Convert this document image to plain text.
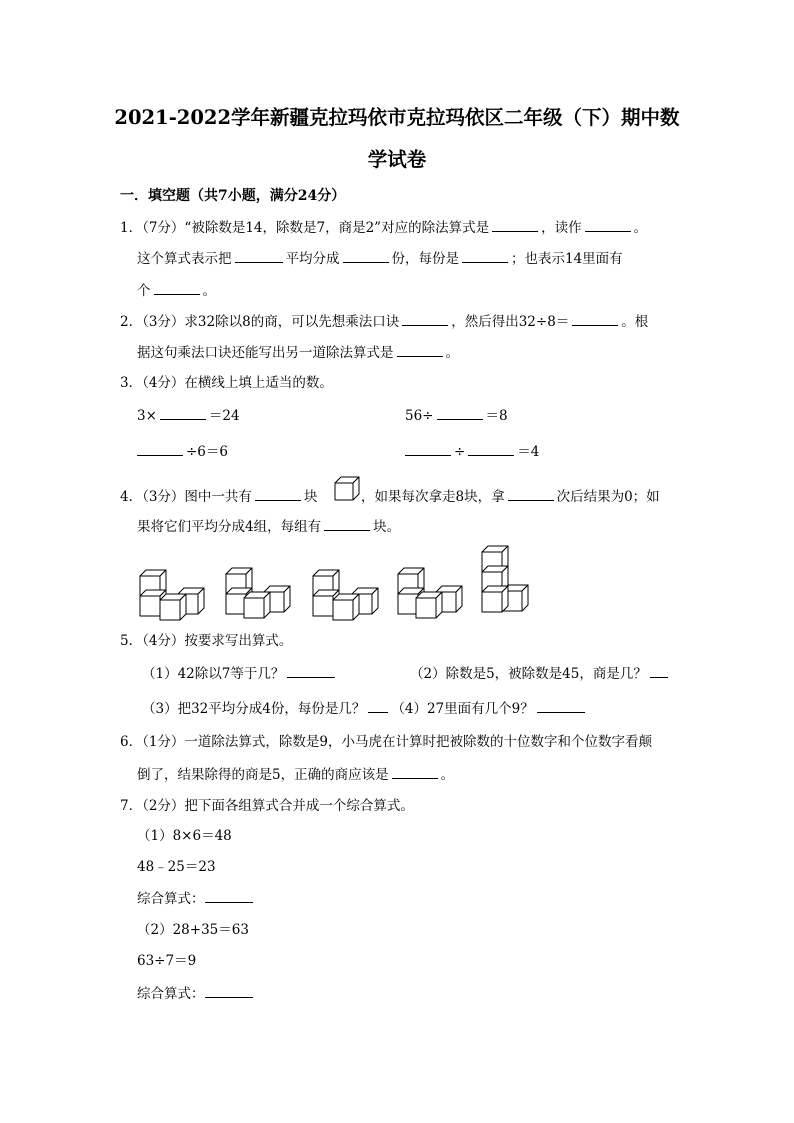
2021-2022学年新疆克拉玛依市克拉玛依区二年级（下）期中数
学试卷
一．填空题（共7小题，满分24分）
1．（7分）“被除数是14，除数是7，商是2”对应的除法算式是	，读作	。
这个算式表示把	平均分成	份，每份是	；也表示14里面有
个	。
2．（3分）求32除以8的商，可以先想乘法口诀	，然后得出32÷8＝	。根
据这句乘法口诀还能写出另一道除法算式是	。
3．（4分）在横线上填上适当的数。
3×	＝24	56÷	＝8
÷6＝6	÷	＝4
4．（3分）图中一共有	块	，如果每次拿走8块，拿	次后结果为0；如
果将它们平均分成4组，每组有	块。
5．（4分）按要求写出算式。
（1）42除以7等于几？	（2）除数是5，被除数是45，商是几？
（3）把32平均分成4份，每份是几？ （4）27里面有几个9？
6．（1分）一道除法算式，除数是9，小马虎在计算时把被除数的十位数字和个位数字看颠
倒了，结果除得的商是5，正确的商应该是	。
7．（2分）把下面各组算式合并成一个综合算式。
（1）8×6＝48
48﹣25＝23
综合算式：
（2）28+35＝63
63÷7＝9
综合算式：
